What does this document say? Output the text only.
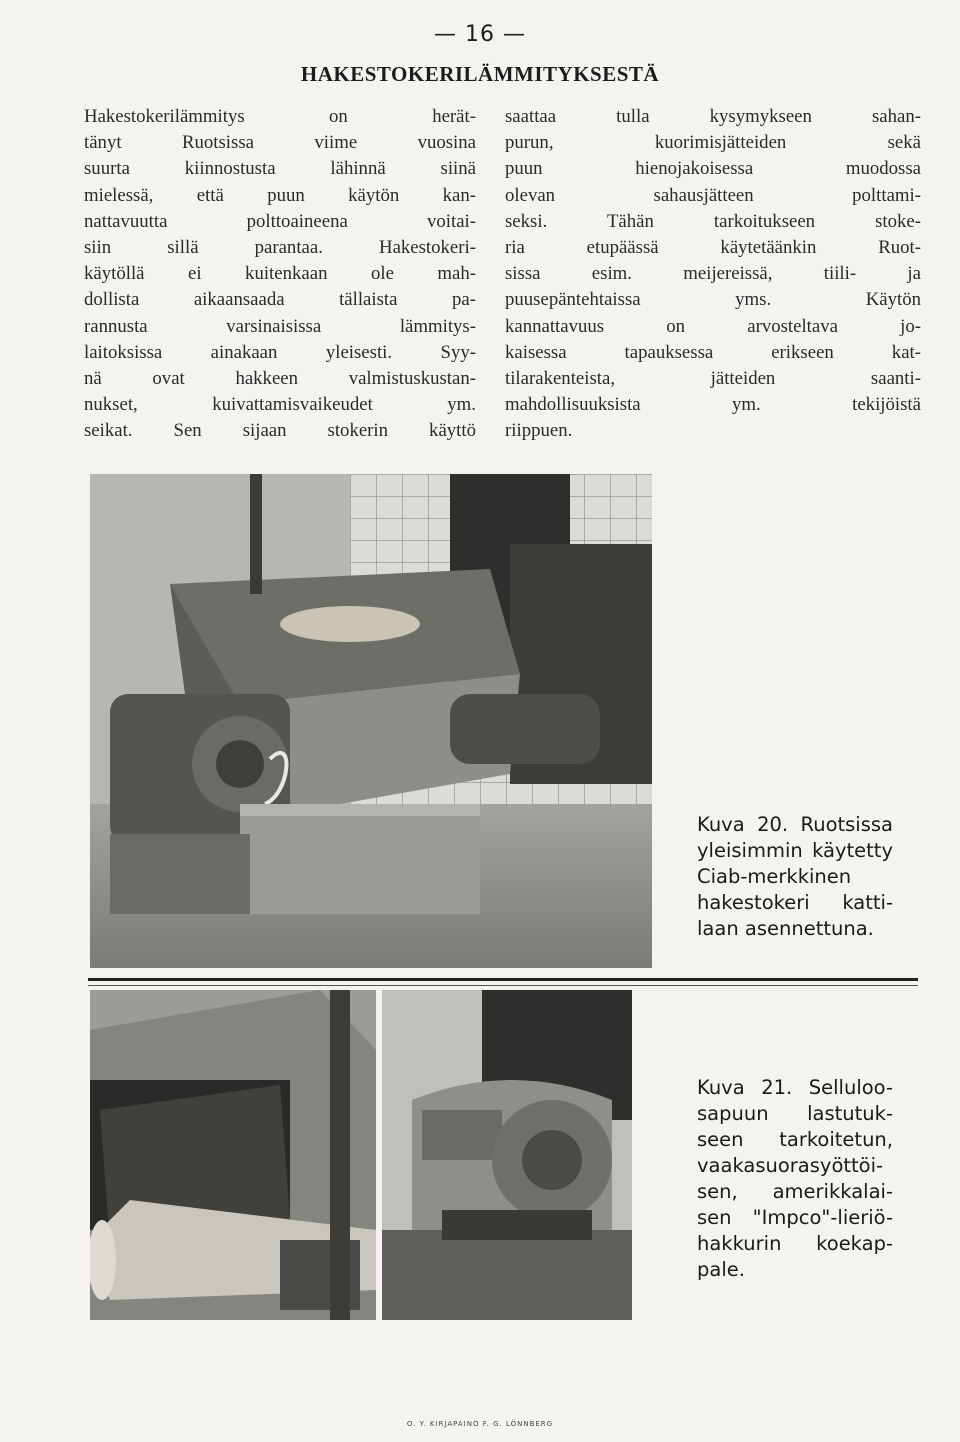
— 16 —
HAKESTOKERILÄMMITYKSESTÄ
Hakestokerilämmitys on herät-
tänyt Ruotsissa viime vuosina
suurta kiinnostusta lähinnä siinä
mielessä, että puun käytön kan-
nattavuutta polttoaineena voitai-
siin sillä parantaa. Hakestokeri-
käytöllä ei kuitenkaan ole mah-
dollista aikaansaada tällaista pa-
rannusta varsinaisissa lämmitys-
laitoksissa ainakaan yleisesti. Syy-
nä ovat hakkeen valmistuskustan-
nukset, kuivattamisvaikeudet ym.
seikat. Sen sijaan stokerin käyttö
saattaa tulla kysymykseen sahan-
purun, kuorimisjätteiden sekä
puun hienojakoisessa muodossa
olevan sahausjätteen polttami-
seksi. Tähän tarkoitukseen stoke-
ria etupäässä käytetäänkin Ruot-
sissa esim. meijereissä, tiili- ja
puusepäntehtaissa yms. Käytön
kannattavuus on arvosteltava jo-
kaisessa tapauksessa erikseen kat-
tilarakenteista, jätteiden saanti-
mahdollisuuksista ym. tekijöistä
riippuen.
Kuva 20. Ruotsissa
yleisimmin käytetty
Ciab-merkkinen
hakestokeri katti-
laan asennettuna.
Kuva 21. Selluloo-
sapuun lastutuk-
seen tarkoitetun,
vaakasuorasyöttöi-
sen, amerikkalai-
sen "Impco"-lieriö-
hakkurin koekap-
pale.
O. Y. KIRJAPAINO F. G. LÖNNBERG
